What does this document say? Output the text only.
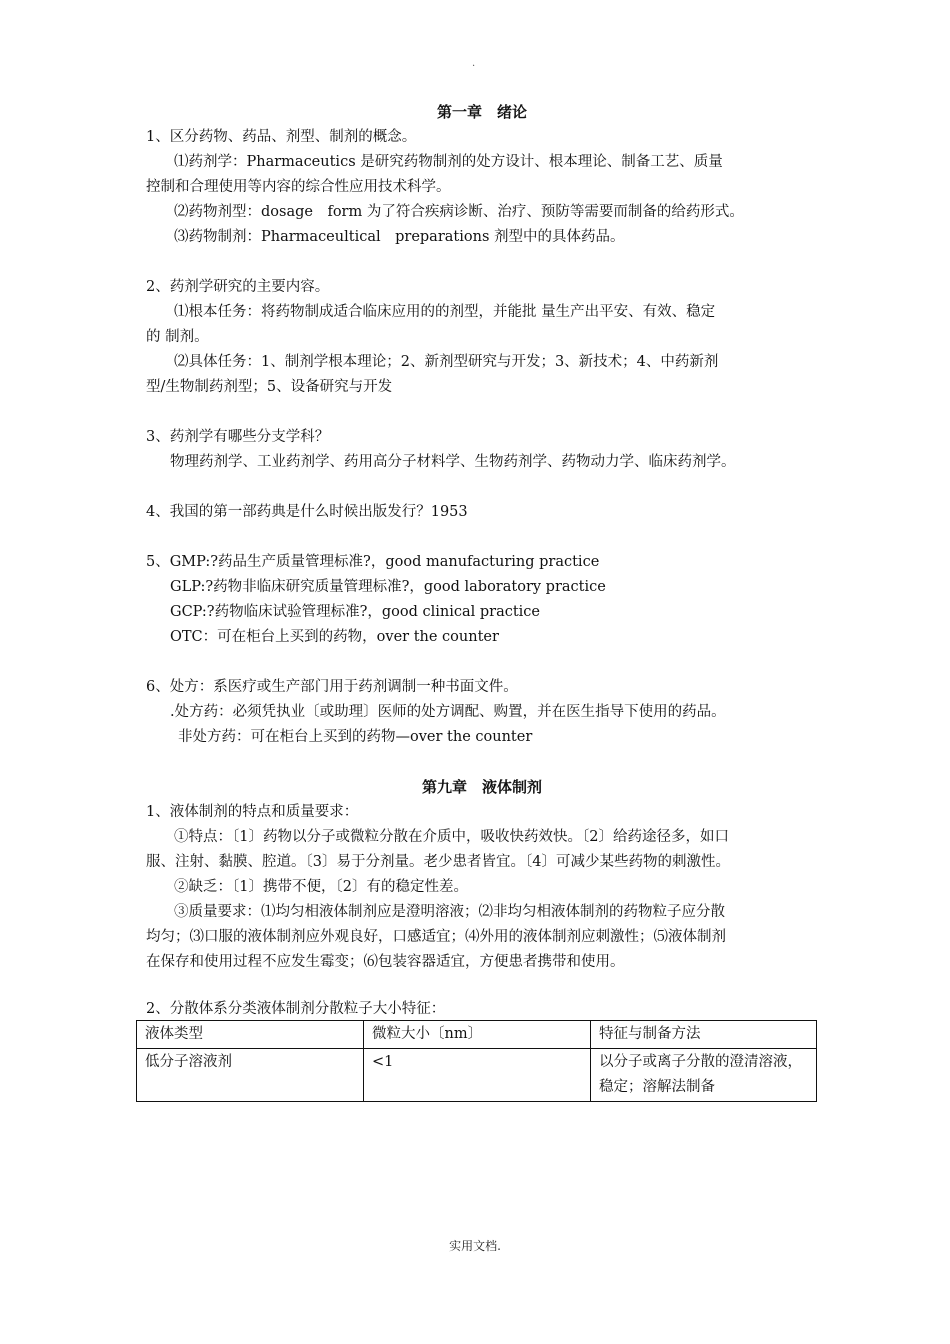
.

第一章　绪论

1、区分药物、药品、剂型、制剂的概念。

⑴药剂学：Pharmaceutics 是研究药物制剂的处方设计、根本理论、制备工艺、质量

控制和合理使用等内容的综合性应用技术科学。

⑵药物剂型：dosage　form 为了符合疾病诊断、治疗、预防等需要而制备的给药形式。

⑶药物制剂：Pharmaceultical　preparations 剂型中的具体药品。

2、药剂学研究的主要内容。

⑴根本任务：将药物制成适合临床应用的的剂型，并能批 量生产出平安、有效、稳定

的 制剂。

⑵具体任务：1、制剂学根本理论；2、新剂型研究与开发；3、新技术；4、中药新剂

型/生物制药剂型；5、设备研究与开发

3、药剂学有哪些分支学科？

物理药剂学、工业药剂学、药用高分子材料学、生物药剂学、药物动力学、临床药剂学。

4、我国的第一部药典是什么时候出版发行？1953

5、GMP:?药品生产质量管理标准?，good manufacturing practice

GLP:?药物非临床研究质量管理标准?，good laboratory practice

GCP:?药物临床试验管理标准?，good clinical practice

OTC：可在柜台上买到的药物，over the counter

6、处方：系医疗或生产部门用于药剂调制一种书面文件。

.处方药：必须凭执业〔或助理〕医师的处方调配、购置，并在医生指导下使用的药品。

非处方药：可在柜台上买到的药物—over the counter

第九章　液体制剂

1、液体制剂的特点和质量要求：

①特点：〔1〕药物以分子或微粒分散在介质中，吸收快药效快。〔2〕给药途径多，如口

服、注射、黏膜、腔道。〔3〕易于分剂量。老少患者皆宜。〔4〕可减少某些药物的刺激性。

②缺乏：〔1〕携带不便，〔2〕有的稳定性差。

③质量要求：⑴均匀相液体制剂应是澄明溶液；⑵非均匀相液体制剂的药物粒子应分散

均匀；⑶口服的液体制剂应外观良好，口感适宜；⑷外用的液体制剂应刺激性；⑸液体制剂

在保存和使用过程不应发生霉变；⑹包装容器适宜，方便患者携带和使用。

2、分散体系分类液体制剂分散粒子大小特征：

液体类型	微粒大小〔nm〕	特征与制备方法
低分子溶液剂	<1	以分子或离子分散的澄清溶液，稳定；溶解法制备
实用文档.
